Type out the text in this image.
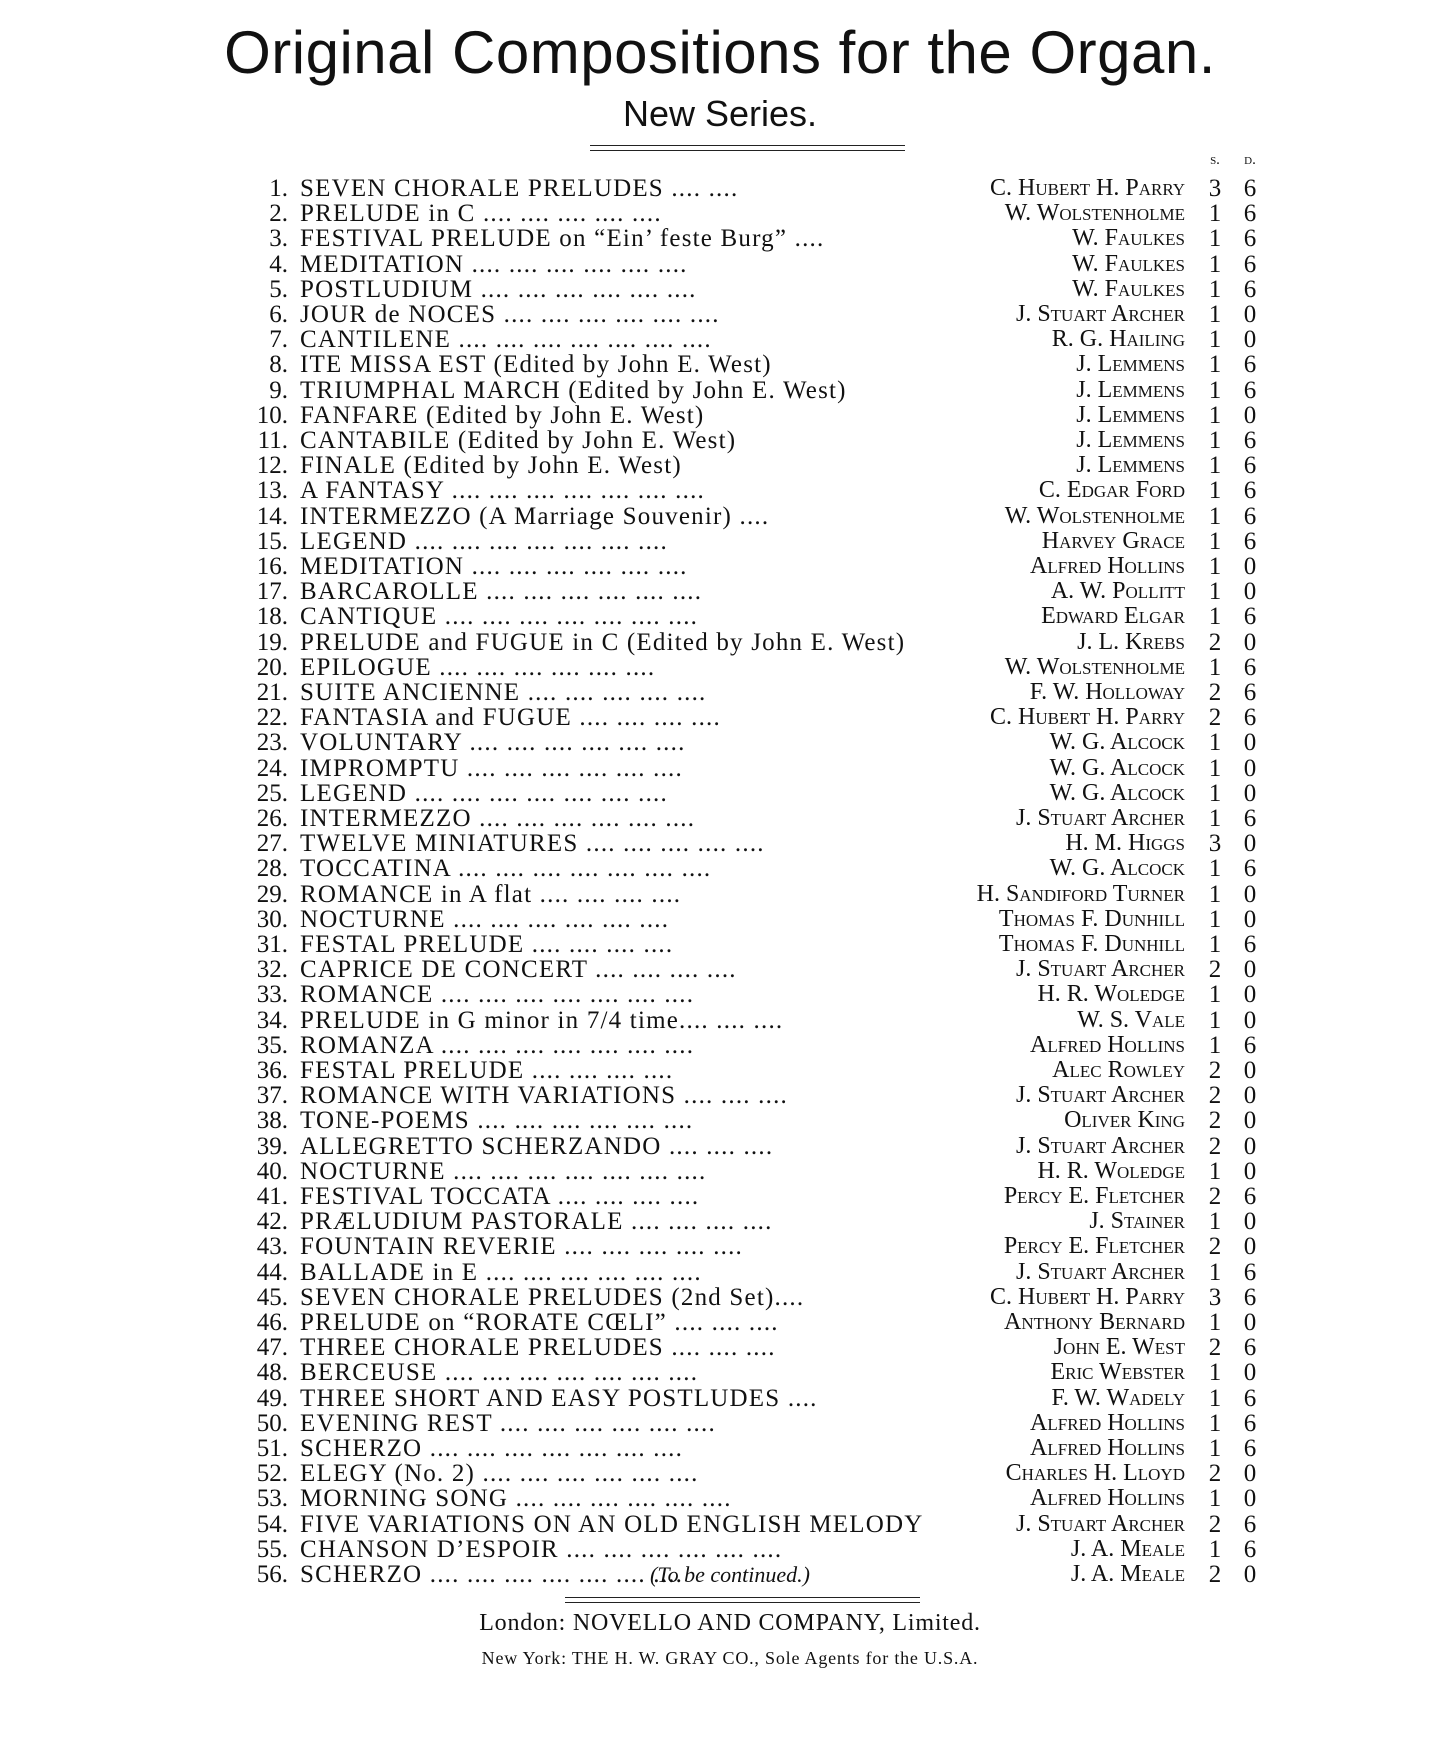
Original Compositions for the Organ.
New Series.
s.	d.
1. SEVEN CHORALE PRELUDES .... ....	C. Hubert H. Parry 3 6
2. PRELUDE in C .... .... .... .... ....	W. Wolstenholme 1 6
3. FESTIVAL PRELUDE on “Ein’ feste Burg” ....	W. Faulkes 1 6
4. MEDITATION .... .... .... .... .... ....	W. Faulkes 1 6
5. POSTLUDIUM .... .... .... .... .... ....	W. Faulkes 1 6
6. JOUR de NOCES .... .... .... .... .... ....	J. Stuart Archer 1 0
7. CANTILENE .... .... .... .... .... .... ....	R. G. Hailing 1 0
8. ITE MISSA EST (Edited by John E. West)	J. Lemmens 1 6
9. TRIUMPHAL MARCH (Edited by John E. West)	J. Lemmens 1 6
10. FANFARE (Edited by John E. West)	J. Lemmens 1 0
11. CANTABILE (Edited by John E. West)	J. Lemmens 1 6
12. FINALE (Edited by John E. West)	J. Lemmens 1 6
13. A FANTASY .... .... .... .... .... .... ....	C. Edgar Ford 1 6
14. INTERMEZZO (A Marriage Souvenir) ....	W. Wolstenholme 1 6
15. LEGEND .... .... .... .... .... .... ....	Harvey Grace 1 6
16. MEDITATION .... .... .... .... .... ....	Alfred Hollins 1 0
17. BARCAROLLE .... .... .... .... .... ....	A. W. Pollitt 1 0
18. CANTIQUE .... .... .... .... .... .... ....	Edward Elgar 1 6
19. PRELUDE and FUGUE in C (Edited by John E. West)	J. L. Krebs 2 0
20. EPILOGUE .... .... .... .... .... ....	W. Wolstenholme 1 6
21. SUITE ANCIENNE .... .... .... .... ....	F. W. Holloway 2 6
22. FANTASIA and FUGUE .... .... .... ....	C. Hubert H. Parry 2 6
23. VOLUNTARY .... .... .... .... .... ....	W. G. Alcock 1 0
24. IMPROMPTU .... .... .... .... .... ....	W. G. Alcock 1 0
25. LEGEND .... .... .... .... .... .... ....	W. G. Alcock 1 0
26. INTERMEZZO .... .... .... .... .... ....	J. Stuart Archer 1 6
27. TWELVE MINIATURES .... .... .... .... ....	H. M. Higgs 3 0
28. TOCCATINA .... .... .... .... .... .... ....	W. G. Alcock 1 6
29. ROMANCE in A flat .... .... .... ....	H. Sandiford Turner 1 0
30. NOCTURNE .... .... .... .... .... ....	Thomas F. Dunhill 1 0
31. FESTAL PRELUDE .... .... .... ....	Thomas F. Dunhill 1 6
32. CAPRICE DE CONCERT .... .... .... ....	J. Stuart Archer 2 0
33. ROMANCE .... .... .... .... .... .... ....	H. R. Woledge 1 0
34. PRELUDE in G minor in 7/4 time.... .... ....	W. S. Vale 1 0
35. ROMANZA .... .... .... .... .... .... ....	Alfred Hollins 1 6
36. FESTAL PRELUDE .... .... .... ....	Alec Rowley 2 0
37. ROMANCE WITH VARIATIONS .... .... ....	J. Stuart Archer 2 0
38. TONE-POEMS .... .... .... .... .... ....	Oliver King 2 0
39. ALLEGRETTO SCHERZANDO .... .... ....	J. Stuart Archer 2 0
40. NOCTURNE .... .... .... .... .... .... ....	H. R. Woledge 1 0
41. FESTIVAL TOCCATA .... .... .... ....	Percy E. Fletcher 2 6
42. PRÆLUDIUM PASTORALE .... .... .... ....	J. Stainer 1 0
43. FOUNTAIN REVERIE .... .... .... .... ....	Percy E. Fletcher 2 0
44. BALLADE in E .... .... .... .... .... ....	J. Stuart Archer 1 6
45. SEVEN CHORALE PRELUDES (2nd Set)....	C. Hubert H. Parry 3 6
46. PRELUDE on “RORATE CŒLI” .... .... ....	Anthony Bernard 1 0
47. THREE CHORALE PRELUDES .... .... ....	John E. West 2 6
48. BERCEUSE .... .... .... .... .... .... ....	Eric Webster 1 0
49. THREE SHORT AND EASY POSTLUDES ....	F. W. Wadely 1 6
50. EVENING REST .... .... .... .... .... ....	Alfred Hollins 1 6
51. SCHERZO .... .... .... .... .... .... ....	Alfred Hollins 1 6
52. ELEGY (No. 2) .... .... .... .... .... ....	Charles H. Lloyd 2 0
53. MORNING SONG .... .... .... .... .... ....	Alfred Hollins 1 0
54. FIVE VARIATIONS ON AN OLD ENGLISH MELODY	J. Stuart Archer 2 6
55. CHANSON D’ESPOIR .... .... .... .... .... ....	J. A. Meale 1 6
56. SCHERZO .... .... .... .... .... .... ....	J. A. Meale 2 0
(To be continued.)
London: NOVELLO AND COMPANY, Limited.
New York: THE H. W. GRAY CO., Sole Agents for the U.S.A.
